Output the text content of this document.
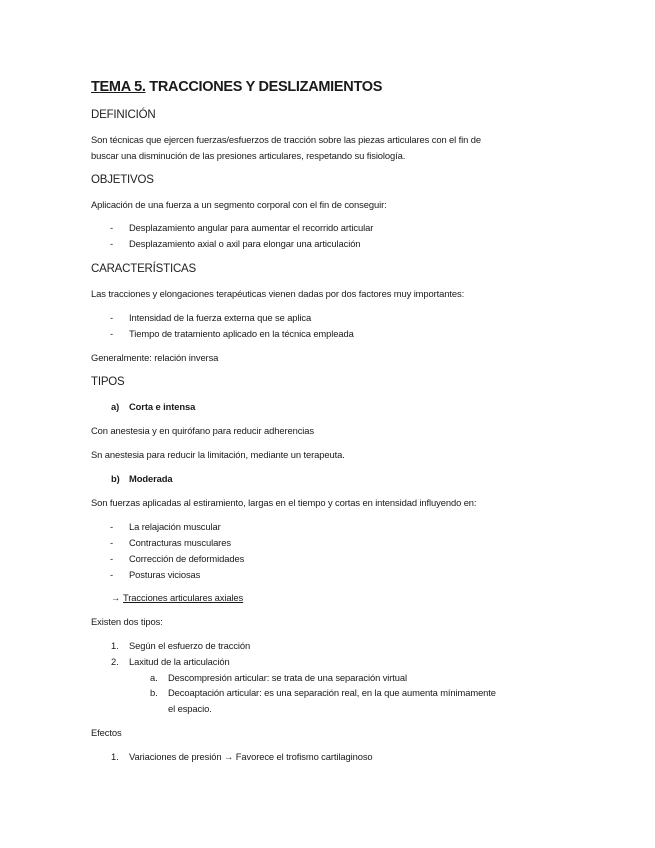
TEMA 5. TRACCIONES Y DESLIZAMIENTOS
DEFINICIÓN
Son técnicas que ejercen fuerzas/esfuerzos de tracción sobre las piezas articulares con el fin de
buscar una disminución de las presiones articulares, respetando su fisiología.
OBJETIVOS
Aplicación de una fuerza a un segmento corporal con el fin de conseguir:
- Desplazamiento angular para aumentar el recorrido articular
- Desplazamiento axial o axil para elongar una articulación
CARACTERÍSTICAS
Las tracciones y elongaciones terapéuticas vienen dadas por dos factores muy importantes:
- Intensidad de la fuerza externa que se aplica
- Tiempo de tratamiento aplicado en la técnica empleada
Generalmente: relación inversa
TIPOS
a) Corta e intensa
Con anestesia y en quirófano para reducir adherencias
Sn anestesia para reducir la limitación, mediante un terapeuta.
b) Moderada
Son fuerzas aplicadas al estiramiento, largas en el tiempo y cortas en intensidad influyendo en:
- La relajación muscular
- Contracturas musculares
- Corrección de deformidades
- Posturas viciosas
→ Tracciones articulares axiales
Existen dos tipos:
1. Según el esfuerzo de tracción
2. Laxitud de la articulación
a. Descompresión articular: se trata de una separación virtual
b. Decoaptación articular: es una separación real, en la que aumenta mínimamente
el espacio.
Efectos
1. Variaciones de presión → Favorece el trofismo cartilaginoso
